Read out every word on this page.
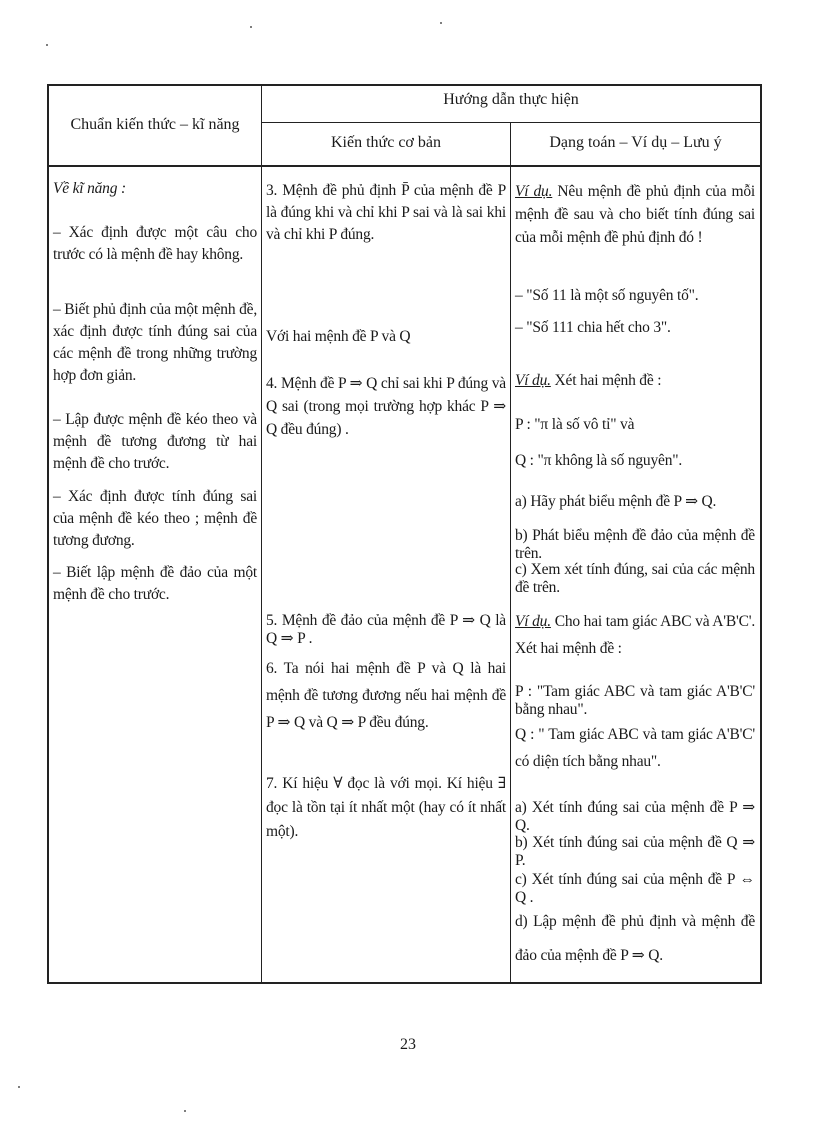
Chuẩn kiến thức – kĩ năng
Hướng dẫn thực hiện
Kiến thức cơ bản	Dạng toán – Ví dụ – Lưu ý

Về kĩ năng :

– Xác định được một câu cho trước có là mệnh đề hay không.

– Biết phủ định của một mệnh đề, xác định được tính đúng sai của các mệnh đề trong những trường hợp đơn giản.

– Lập được mệnh đề kéo theo và mệnh đề tương đương từ hai mệnh đề cho trước.

– Xác định được tính đúng sai của mệnh đề kéo theo ; mệnh đề tương đương.

– Biết lập mệnh đề đảo của một mệnh đề cho trước.

3. Mệnh đề phủ định P̄ của mệnh đề P là đúng khi và chỉ khi P sai và là sai khi và chỉ khi P đúng.

Với hai mệnh đề P và Q

4. Mệnh đề P ⇒ Q chỉ sai khi P đúng và Q sai (trong mọi trường hợp khác P ⇒ Q đều đúng) .

5. Mệnh đề đảo của mệnh đề P ⇒ Q là Q ⇒ P .

6. Ta nói hai mệnh đề P và Q là hai mệnh đề tương đương nếu hai mệnh đề P ⇒ Q và Q ⇒ P đều đúng.

7. Kí hiệu ∀ đọc là với mọi. Kí hiệu ∃ đọc là tồn tại ít nhất một (hay có ít nhất một).

Ví dụ. Nêu mệnh đề phủ định của mỗi mệnh đề sau và cho biết tính đúng sai của mỗi mệnh đề phủ định đó !

– "Số 11 là một số nguyên tố".

– "Số 111 chia hết cho 3".

Ví dụ. Xét hai mệnh đề :

P : "π là số vô tỉ" và

Q : "π không là số nguyên".

a) Hãy phát biểu mệnh đề P ⇒ Q.

b) Phát biểu mệnh đề đảo của mệnh đề trên.

c) Xem xét tính đúng, sai của các mệnh đề trên.

Ví dụ. Cho hai tam giác ABC và A'B'C'. Xét hai mệnh đề :

P : "Tam giác ABC và tam giác A'B'C' bằng nhau".

Q : " Tam giác ABC và tam giác A'B'C' có diện tích bằng nhau".

a) Xét tính đúng sai của mệnh đề P ⇒ Q.

b) Xét tính đúng sai của mệnh đề Q ⇒ P.

c) Xét tính đúng sai của mệnh đề P ⇔ Q .

d) Lập mệnh đề phủ định và mệnh đề đảo của mệnh đề P ⇒ Q.

23
